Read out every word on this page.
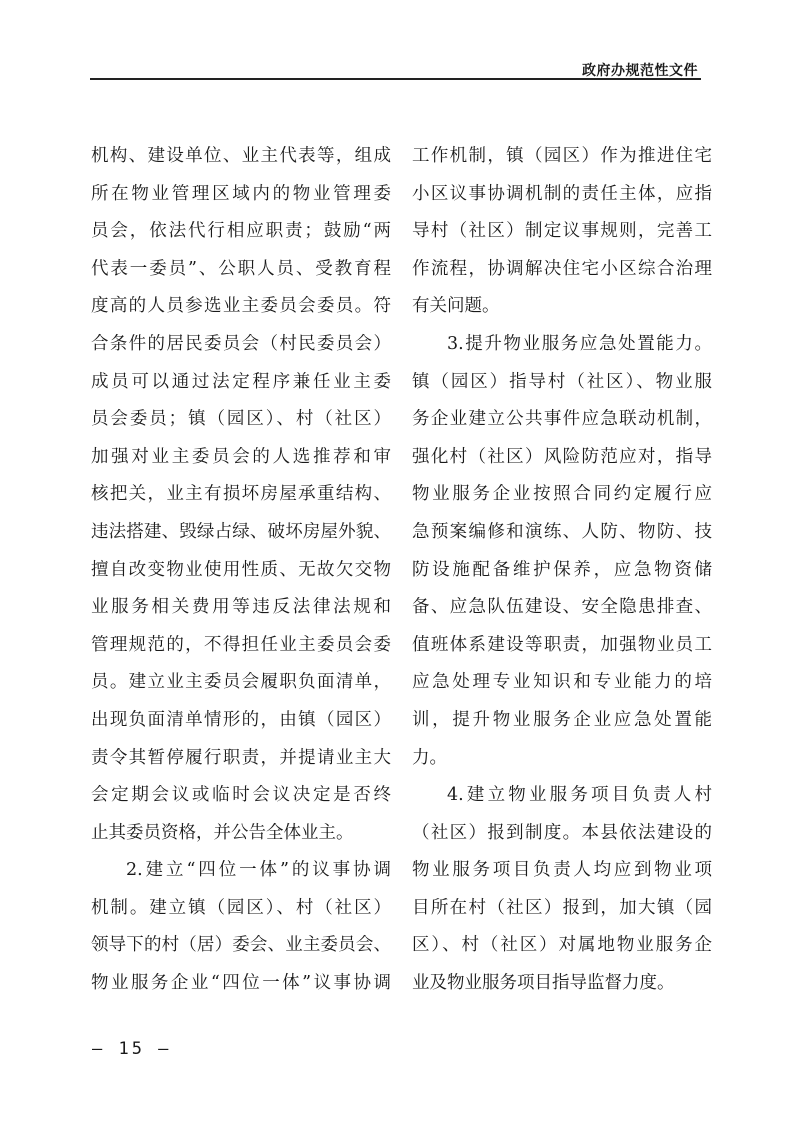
政府办规范性文件
机构、建设单位、业主代表等，组成
所在物业管理区域内的物业管理委
员会，依法代行相应职责；鼓励“两
代表一委员”、公职人员、受教育程
度高的人员参选业主委员会委员。符
合条件的居民委员会（村民委员会）
成员可以通过法定程序兼任业主委
员会委员；镇（园区）、村（社区）
加强对业主委员会的人选推荐和审
核把关，业主有损坏房屋承重结构、
违法搭建、毁绿占绿、破坏房屋外貌、
擅自改变物业使用性质、无故欠交物
业服务相关费用等违反法律法规和
管理规范的，不得担任业主委员会委
员。建立业主委员会履职负面清单，
出现负面清单情形的，由镇（园区）
责令其暂停履行职责，并提请业主大
会定期会议或临时会议决定是否终
止其委员资格，并公告全体业主。
2.建立“四位一体”的议事协调
机制。建立镇（园区）、村（社区）
领导下的村（居）委会、业主委员会、
物业服务企业“四位一体”议事协调
工作机制，镇（园区）作为推进住宅
小区议事协调机制的责任主体，应指
导村（社区）制定议事规则，完善工
作流程，协调解决住宅小区综合治理
有关问题。
3.提升物业服务应急处置能力。
镇（园区）指导村（社区）、物业服
务企业建立公共事件应急联动机制，
强化村（社区）风险防范应对，指导
物业服务企业按照合同约定履行应
急预案编修和演练、人防、物防、技
防设施配备维护保养，应急物资储
备、应急队伍建设、安全隐患排查、
值班体系建设等职责，加强物业员工
应急处理专业知识和专业能力的培
训，提升物业服务企业应急处置能
力。
4.建立物业服务项目负责人村
（社区）报到制度。本县依法建设的
物业服务项目负责人均应到物业项
目所在村（社区）报到，加大镇（园
区）、村（社区）对属地物业服务企
业及物业服务项目指导监督力度。
– 15 –
